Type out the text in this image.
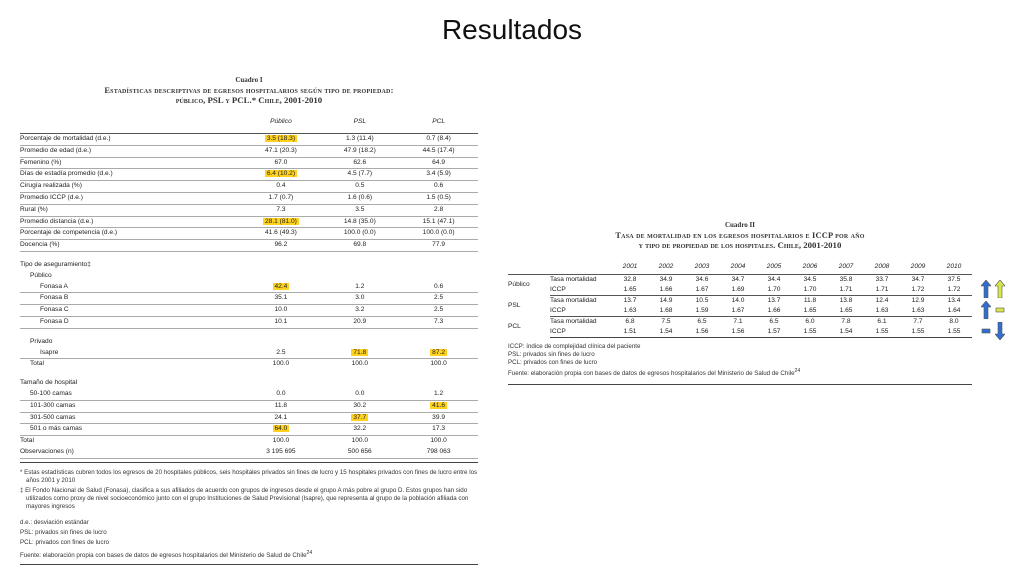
Resultados
Cuadro I
Estadísticas descriptivas de egresos hospitalarios según tipo de propiedad:
público, PSL y PCL.* Chile, 2001-2010
	Público	PSL	PCL

Porcentaje de mortalidad (d.e.)	3.5 (18.3)	1.3 (11.4)	0.7 (8.4)
Promedio de edad (d.e.)	47.1 (20.3)	47.9 (18.2)	44.5 (17.4)
Femenino (%)	67.0	62.6	64.9
Días de estadía promedio (d.e.)	6.4 (10.2)	4.5 (7.7)	3.4 (5.9)
Cirugía realizada (%)	0.4	0.5	0.6
Promedio ICCP (d.e.)	1.7 (0.7)	1.6 (0.6)	1.5 (0.5)
Rural (%)	7.3	3.5	2.8
Promedio distancia (d.e.)	28.1 (81.0)	14.8 (35.0)	15.1 (47.1)
Porcentaje de competencia (d.e.)	41.6 (49.3)	100.0 (0.0)	100.0 (0.0)
Docencia (%)	96.2	69.8	77.9

Tipo de aseguramiento‡			
Público			
Fonasa A	42.4	1.2	0.6
Fonasa B	35.1	3.0	2.5
Fonasa C	10.0	3.2	2.5
Fonasa D	10.1	20.9	7.3

Privado			
Isapre	2.5	71.8	87.2
Total	100.0	100.0	100.0

Tamaño de hospital			
50-100 camas	0.0	0.0	1.2
101-300 camas	11.8	30.2	41.6
301-500 camas	24.1	37.7	39.9
501 o más camas	64.0	32.2	17.3
Total	100.0	100.0	100.0
Observaciones (n)	3 195 695	500 656	798 063

* Estas estadísticas cubren todos los egresos de 20 hospitales públicos, seis hospitales privados sin fines de lucro y 15 hospitales privados con fines de lucro entre los años 2001 y 2010

‡ El Fondo Nacional de Salud (Fonasa), clasifica a sus afiliados de acuerdo con grupos de ingresos desde el grupo A más pobre al grupo D. Estos grupos han sido utilizados como proxy de nivel socioeconómico junto con el grupo Instituciones de Salud Previsional (Isapre), que representa al grupo de la población afiliada con mayores ingresos

d.e.: desviación estándar

PSL: privados sin fines de lucro

PCL: privados con fines de lucro

Fuente: elaboración propia con bases de datos de egresos hospitalarios del Ministerio de Salud de Chile$^{24}$

Cuadro II
Tasa de mortalidad en los egresos hospitalarios e ICCP por año
y tipo de propiedad de los hospitales. Chile, 2001-2010
		2001	2002	2003	2004	2005	2006	2007	2008	2009	2010
Público	Tasa mortalidad	32.8	34.9	34.6	34.7	34.4	34.5	35.8	33.7	34.7	37.5
	ICCP	1.65	1.66	1.67	1.69	1.70	1.70	1.71	1.71	1.72	1.72
PSL	Tasa mortalidad	13.7	14.9	10.5	14.0	13.7	11.8	13.8	12.4	12.9	13.4
	ICCP	1.63	1.68	1.59	1.67	1.66	1.65	1.65	1.63	1.63	1.64
PCL	Tasa mortalidad	6.8	7.5	6.5	7.1	6.5	6.0	7.8	6.1	7.7	8.0
	ICCP	1.51	1.54	1.56	1.56	1.57	1.55	1.54	1.55	1.55	1.55

ICCP: índice de complejidad clínica del paciente

PSL: privados sin fines de lucro

PCL: privados con fines de lucro

Fuente: elaboración propia con bases de datos de egresos hospitalarios del Ministerio de Salud de Chile$^{24}$
